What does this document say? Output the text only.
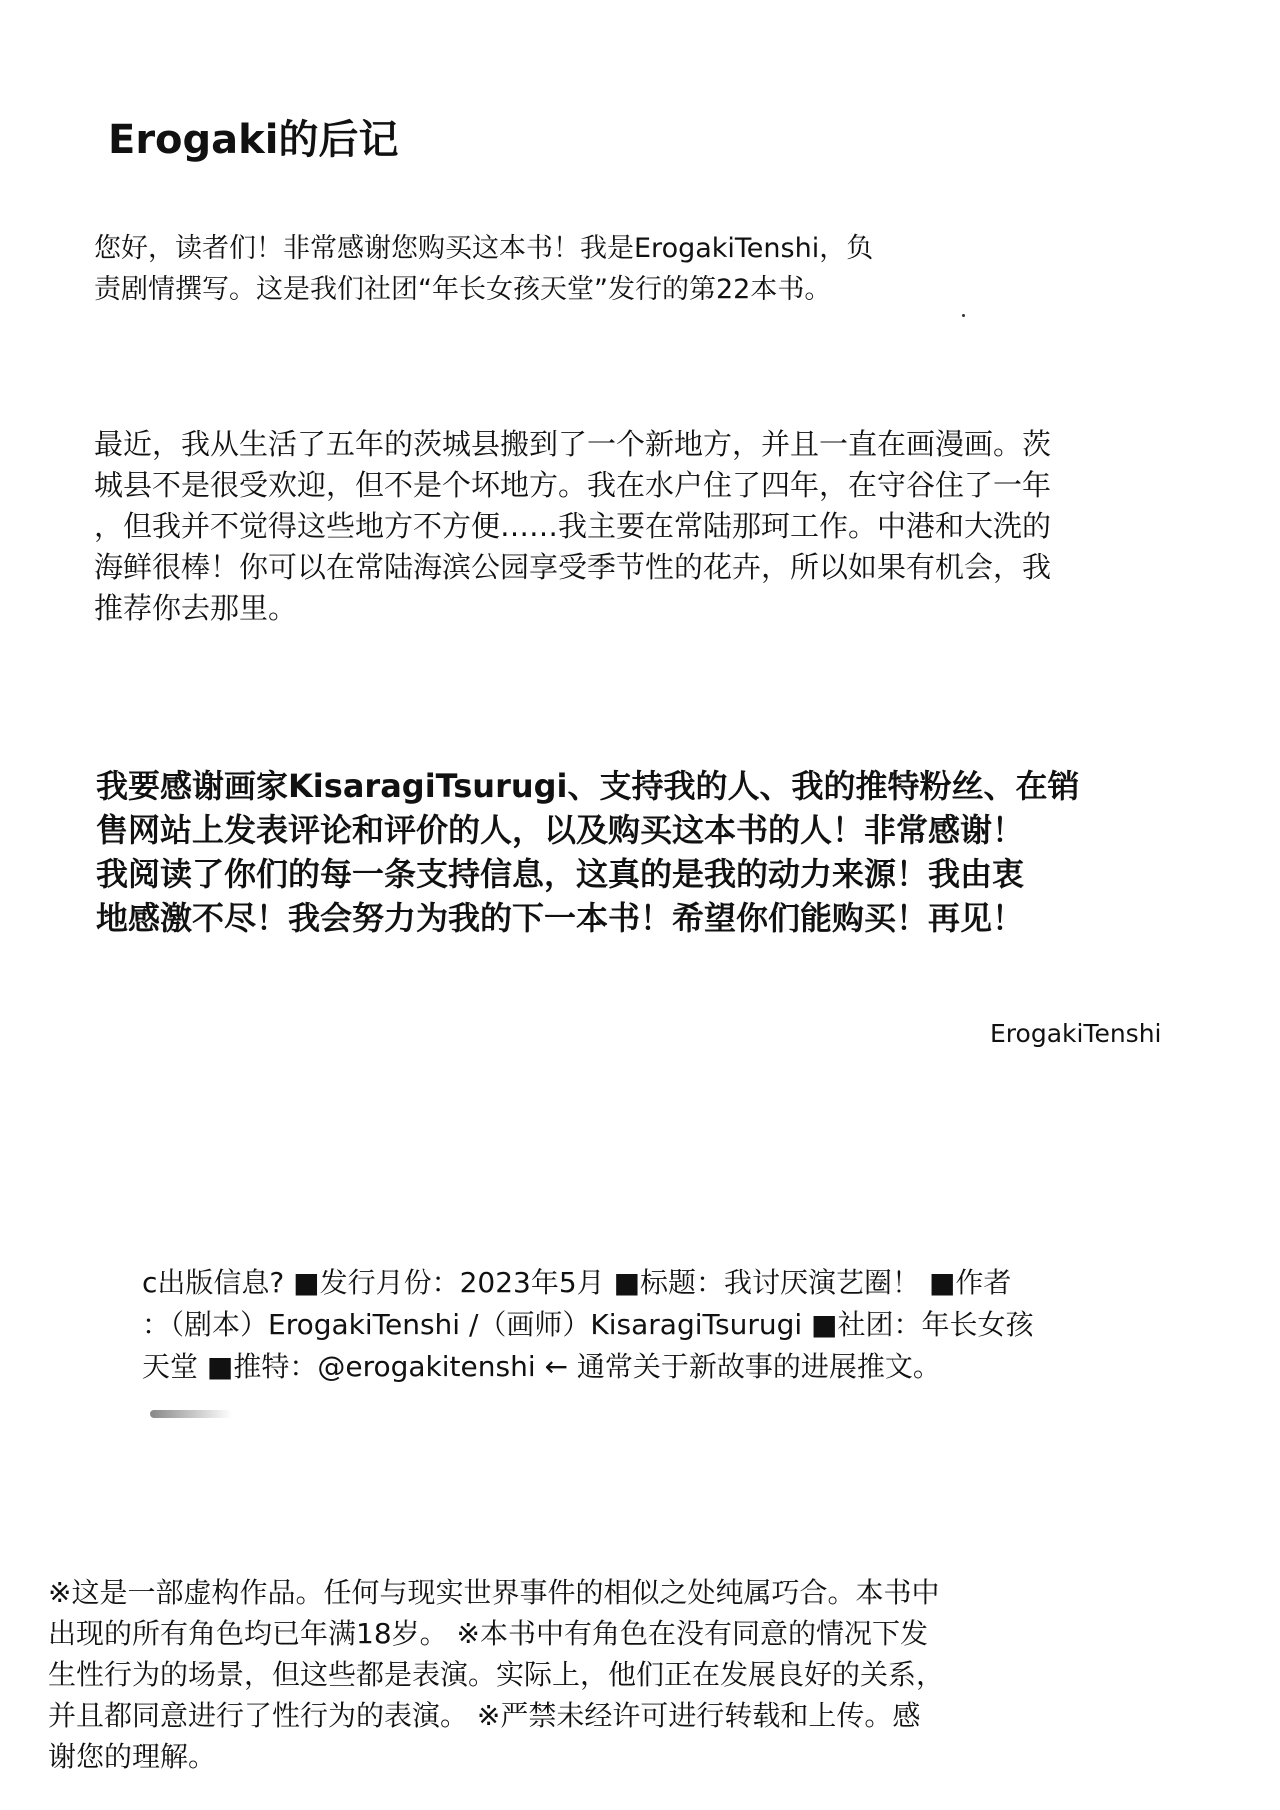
Erogaki的后记

您好，读者们！非常感谢您购买这本书！我是ErogakiTenshi，负
责剧情撰写。这是我们社团“年长女孩天堂”发行的第22本书。

最近，我从生活了五年的茨城县搬到了一个新地方，并且一直在画漫画。茨
城县不是很受欢迎，但不是个坏地方。我在水户住了四年，在守谷住了一年
，但我并不觉得这些地方不方便……我主要在常陆那珂工作。中港和大洗的
海鲜很棒！你可以在常陆海滨公园享受季节性的花卉，所以如果有机会，我
推荐你去那里。

我要感谢画家KisaragiTsurugi、支持我的人、我的推特粉丝、在销
售网站上发表评论和评价的人，以及购买这本书的人！非常感谢！
我阅读了你们的每一条支持信息，这真的是我的动力来源！我由衷
地感激不尽！我会努力为我的下一本书！希望你们能购买！再见！

ErogakiTenshi

c出版信息? ■发行月份：2023年5月 ■标题：我讨厌演艺圈！ ■作者
：（剧本）ErogakiTenshi /（画师）KisaragiTsurugi ■社团：年长女孩
天堂 ■推特：@erogakitenshi ← 通常关于新故事的进展推文。

※这是一部虚构作品。任何与现实世界事件的相似之处纯属巧合。本书中
出现的所有角色均已年满18岁。 ※本书中有角色在没有同意的情况下发
生性行为的场景，但这些都是表演。实际上，他们正在发展良好的关系，
并且都同意进行了性行为的表演。 ※严禁未经许可进行转载和上传。感
谢您的理解。
